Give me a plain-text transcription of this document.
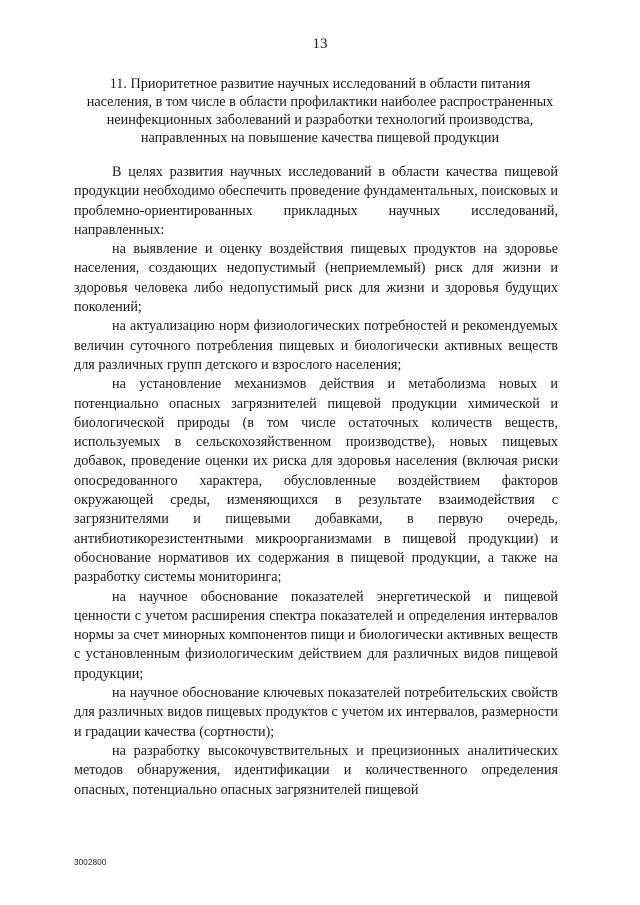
13
11. Приоритетное развитие научных исследований в области питания населения, в том числе в области профилактики наиболее распространенных неинфекционных заболеваний и разработки технологий производства, направленных на повышение качества пищевой продукции

В целях развития научных исследований в области качества пищевой продукции необходимо обеспечить проведение фундаментальных, поисковых и проблемно-ориентированных прикладных научных исследований, направленных:

на выявление и оценку воздействия пищевых продуктов на здоровье населения, создающих недопустимый (неприемлемый) риск для жизни и здоровья человека либо недопустимый риск для жизни и здоровья будущих поколений;

на актуализацию норм физиологических потребностей и рекомендуемых величин суточного потребления пищевых и биологически активных веществ для различных групп детского и взрослого населения;

на установление механизмов действия и метаболизма новых и потенциально опасных загрязнителей пищевой продукции химической и биологической природы (в том числе остаточных количеств веществ, используемых в сельскохозяйственном производстве), новых пищевых добавок, проведение оценки их риска для здоровья населения (включая риски опосредованного характера, обусловленные воздействием факторов окружающей среды, изменяющихся в результате взаимодействия с загрязнителями и пищевыми добавками, в первую очередь, антибиотикорезистентными микроорганизмами в пищевой продукции) и обоснование нормативов их содержания в пищевой продукции, а также на разработку системы мониторинга;

на научное обоснование показателей энергетической и пищевой ценности с учетом расширения спектра показателей и определения интервалов нормы за счет минорных компонентов пищи и биологически активных веществ с установленным физиологическим действием для различных видов пищевой продукции;

на научное обоснование ключевых показателей потребительских свойств для различных видов пищевых продуктов с учетом их интервалов, размерности и градации качества (сортности);

на разработку высокочувствительных и прецизионных аналитических методов обнаружения, идентификации и количественного определения опасных, потенциально опасных загрязнителей пищевой

3002800
